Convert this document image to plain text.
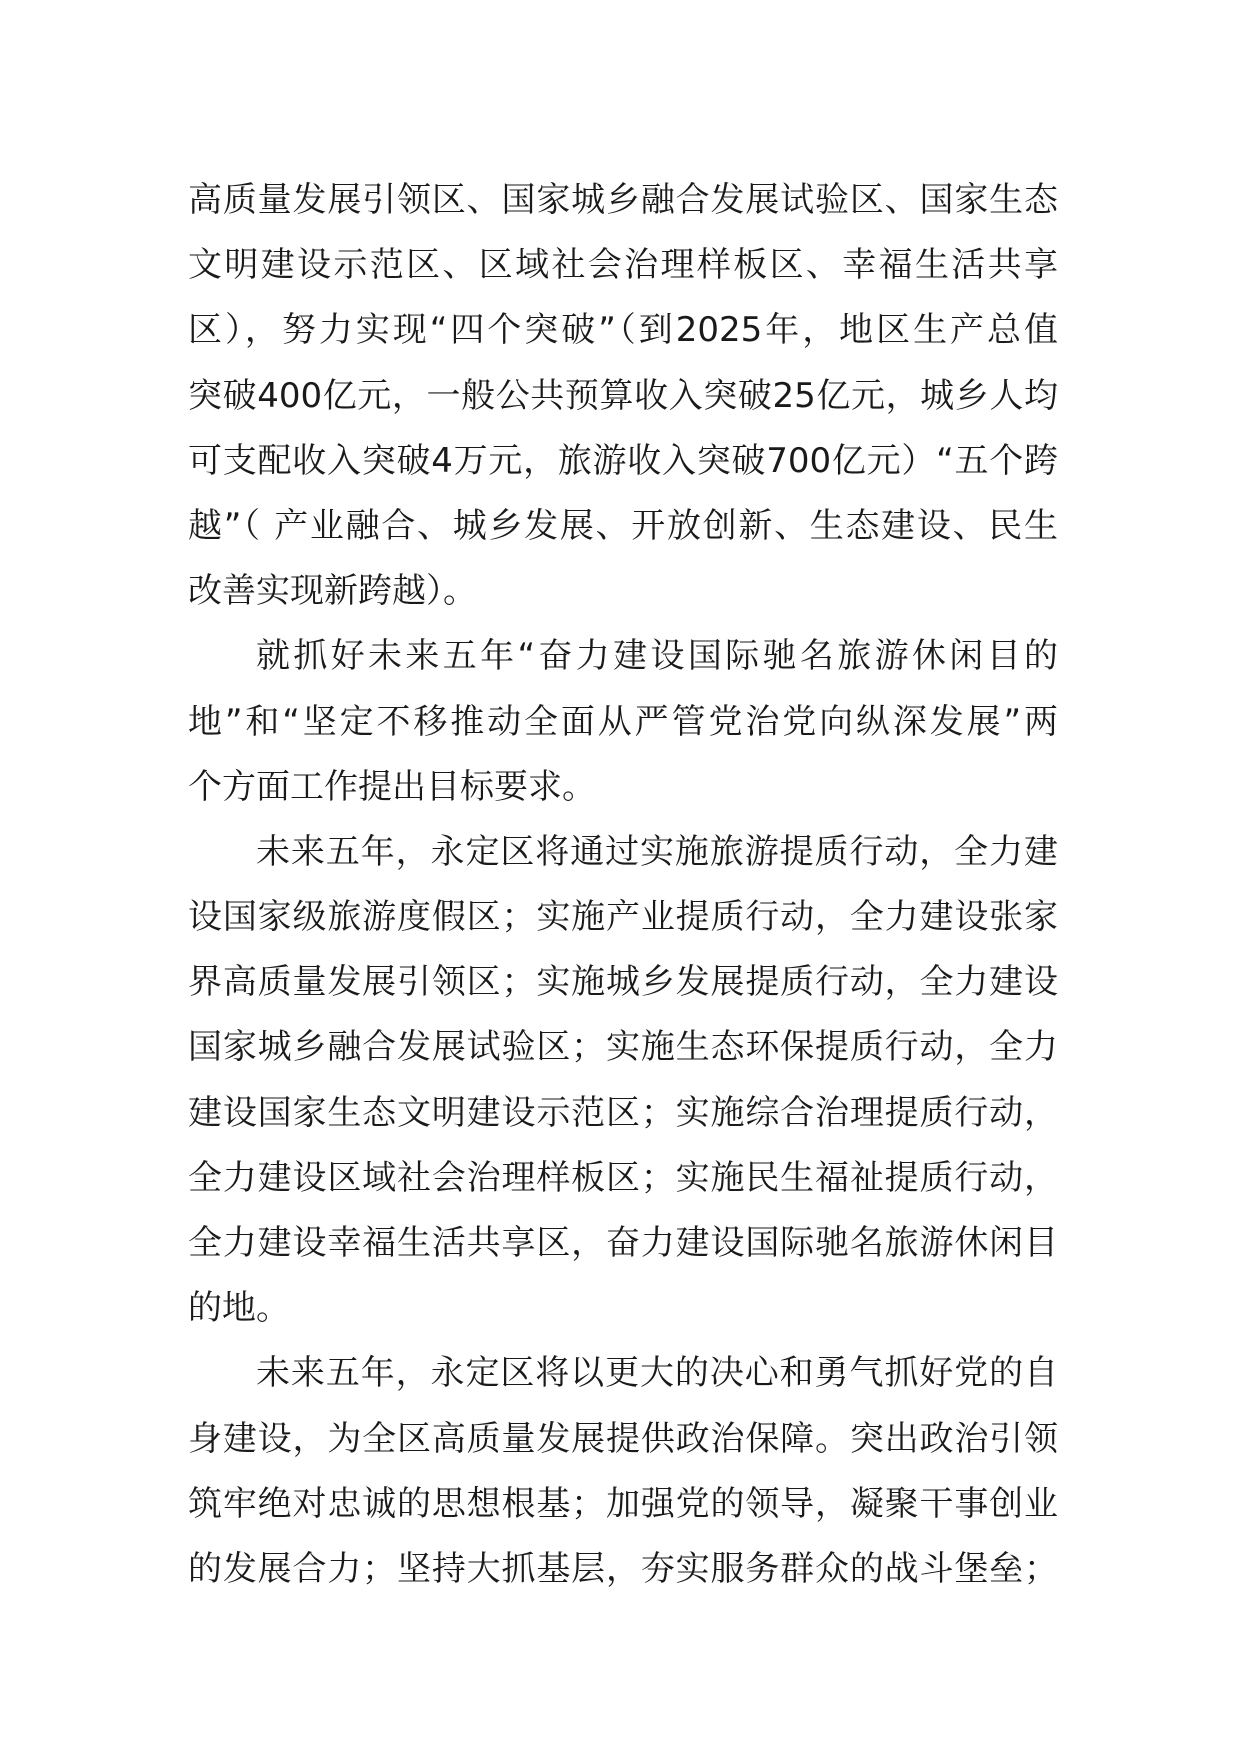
高质量发展引领区、国家城乡融合发展试验区、国家生态
文明建设示范区、区域社会治理样板区、幸福生活共享
区），努力实现“四个突破”（到2025年，地区生产总值
突破400亿元，一般公共预算收入突破25亿元，城乡人均
可支配收入突破4万元，旅游收入突破700亿元）“五个跨
越”（ 产业融合、城乡发展、开放创新、生态建设、民生
改善实现新跨越）。
就抓好未来五年“奋力建设国际驰名旅游休闲目的
地”和“坚定不移推动全面从严管党治党向纵深发展”两
个方面工作提出目标要求。
未来五年，永定区将通过实施旅游提质行动，全力建
设国家级旅游度假区；实施产业提质行动，全力建设张家
界高质量发展引领区；实施城乡发展提质行动，全力建设
国家城乡融合发展试验区；实施生态环保提质行动，全力
建设国家生态文明建设示范区；实施综合治理提质行动，
全力建设区域社会治理样板区；实施民生福祉提质行动，
全力建设幸福生活共享区，奋力建设国际驰名旅游休闲目
的地。
未来五年，永定区将以更大的决心和勇气抓好党的自
身建设，为全区高质量发展提供政治保障。突出政治引领
筑牢绝对忠诚的思想根基；加强党的领导，凝聚干事创业
的发展合力；坚持大抓基层，夯实服务群众的战斗堡垒；
